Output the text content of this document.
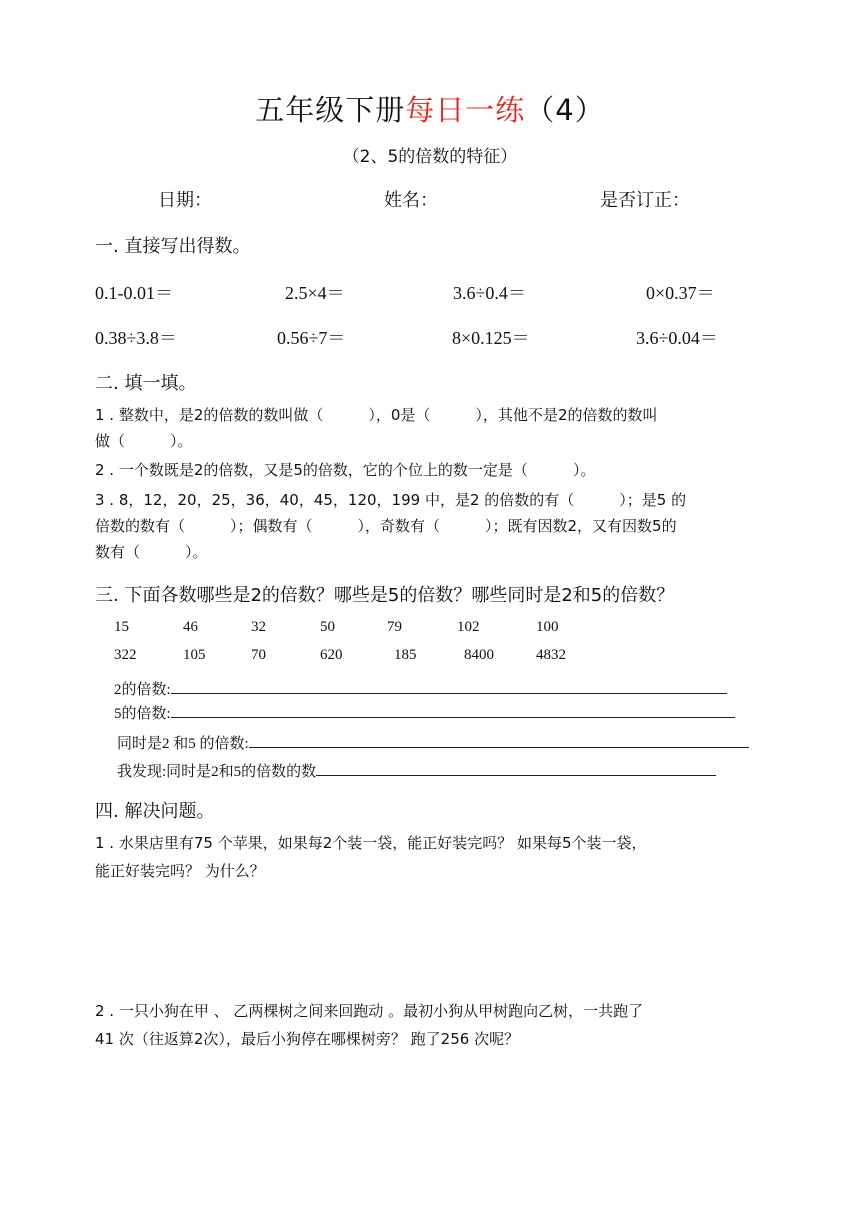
五年级下册每日一练（4）
（2、5的倍数的特征）
日期：	姓名：	是否订正：
一. 直接写出得数。
0.1-0.01＝	2.5×4＝	3.6÷0.4＝	0×0.37＝
0.38÷3.8＝	0.56÷7＝	8×0.125＝	3.6÷0.04＝
二. 填一填。
1 . 整数中，是2的倍数的数叫做（　　　），0是（　　　），其他不是2的倍数的数叫
做（　　　）。
2 . 一个数既是2的倍数，又是5的倍数，它的个位上的数一定是（　　　）。
3 . 8，12，20，25，36，40，45，120，199 中，是2 的倍数的有（　　　）；是5 的
倍数的数有（　　　）；偶数有（　　　），奇数有（　　　）；既有因数2，又有因数5的
数有（　　　）。
三. 下面各数哪些是2的倍数？哪些是5的倍数？哪些同时是2和5的倍数？
15	46	32	50	79	102	100
322	105	70	620	185	8400	4832
2的倍数:
5的倍数:
同时是2 和5 的倍数:
我发现:同时是2和5的倍数的数
四. 解决问题。
1 . 水果店里有75 个苹果，如果每2个装一袋，能正好装完吗？ 如果每5个装一袋，
能正好装完吗？ 为什么？
2 . 一只小狗在甲 、 乙两棵树之间来回跑动 。最初小狗从甲树跑向乙树，一共跑了
41 次（往返算2次），最后小狗停在哪棵树旁？ 跑了256 次呢？
